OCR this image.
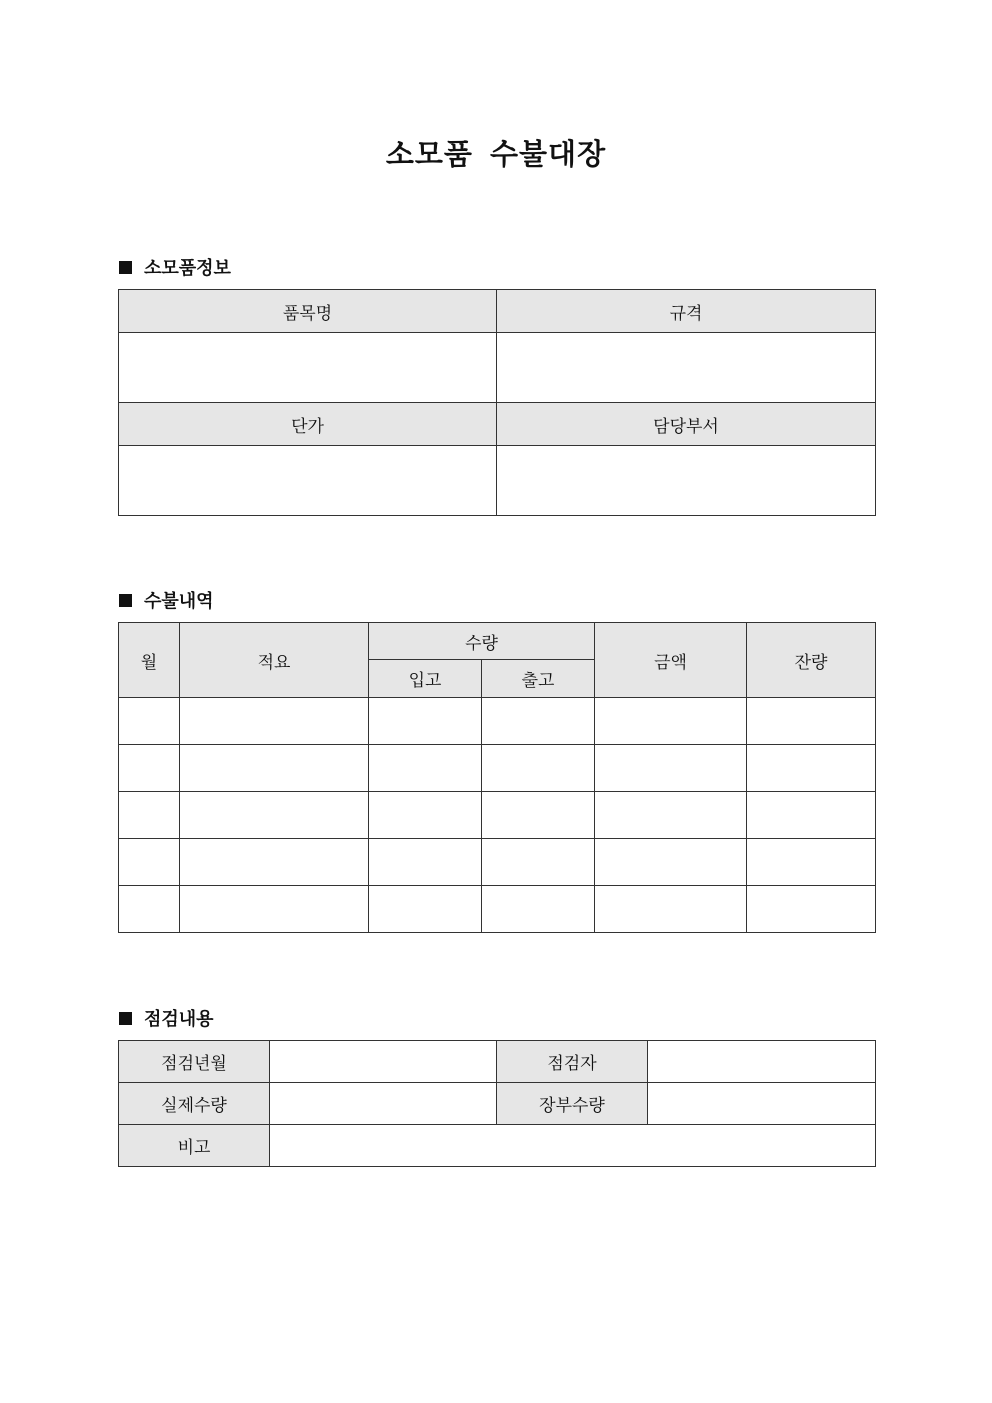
소모품 수불대장
소모품정보
품목명	규격

단가	담당부서

수불내역
월	적요	수량		금액	잔량
		입고	출고		

점검내용
점검년월		점검자	
실제수량		장부수량	
비고			
